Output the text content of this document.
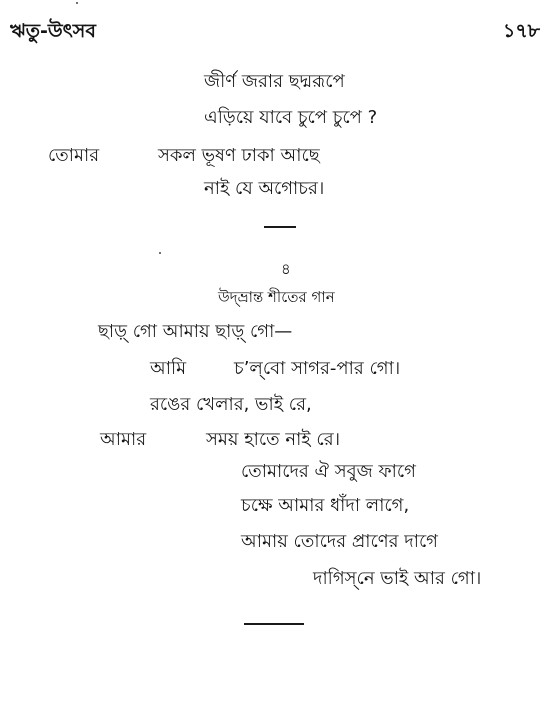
ঋতু-উৎসব	১৭৮
জীর্ণ জরার ছদ্মরূপে
এড়িয়ে যাবে চুপে চুপে ?
তোমার	সকল ভূষণ ঢাকা আছে
নাই যে অগোচর।
৪
উদ্‌ভ্রান্ত শীতের গান
ছাড়্‌ গো আমায় ছাড়্‌ গো—
আমি	চ’ল্‌বো সাগর-পার গো।
রঙের খেলার, ভাই রে,
আমার	সময় হাতে নাই রে।
তোমাদের ঐ সবুজ ফাগে
চক্ষে আমার ধাঁদা লাগে,
আমায় তোদের প্রাণের দাগে
দাগিস্‌নে ভাই আর গো।
